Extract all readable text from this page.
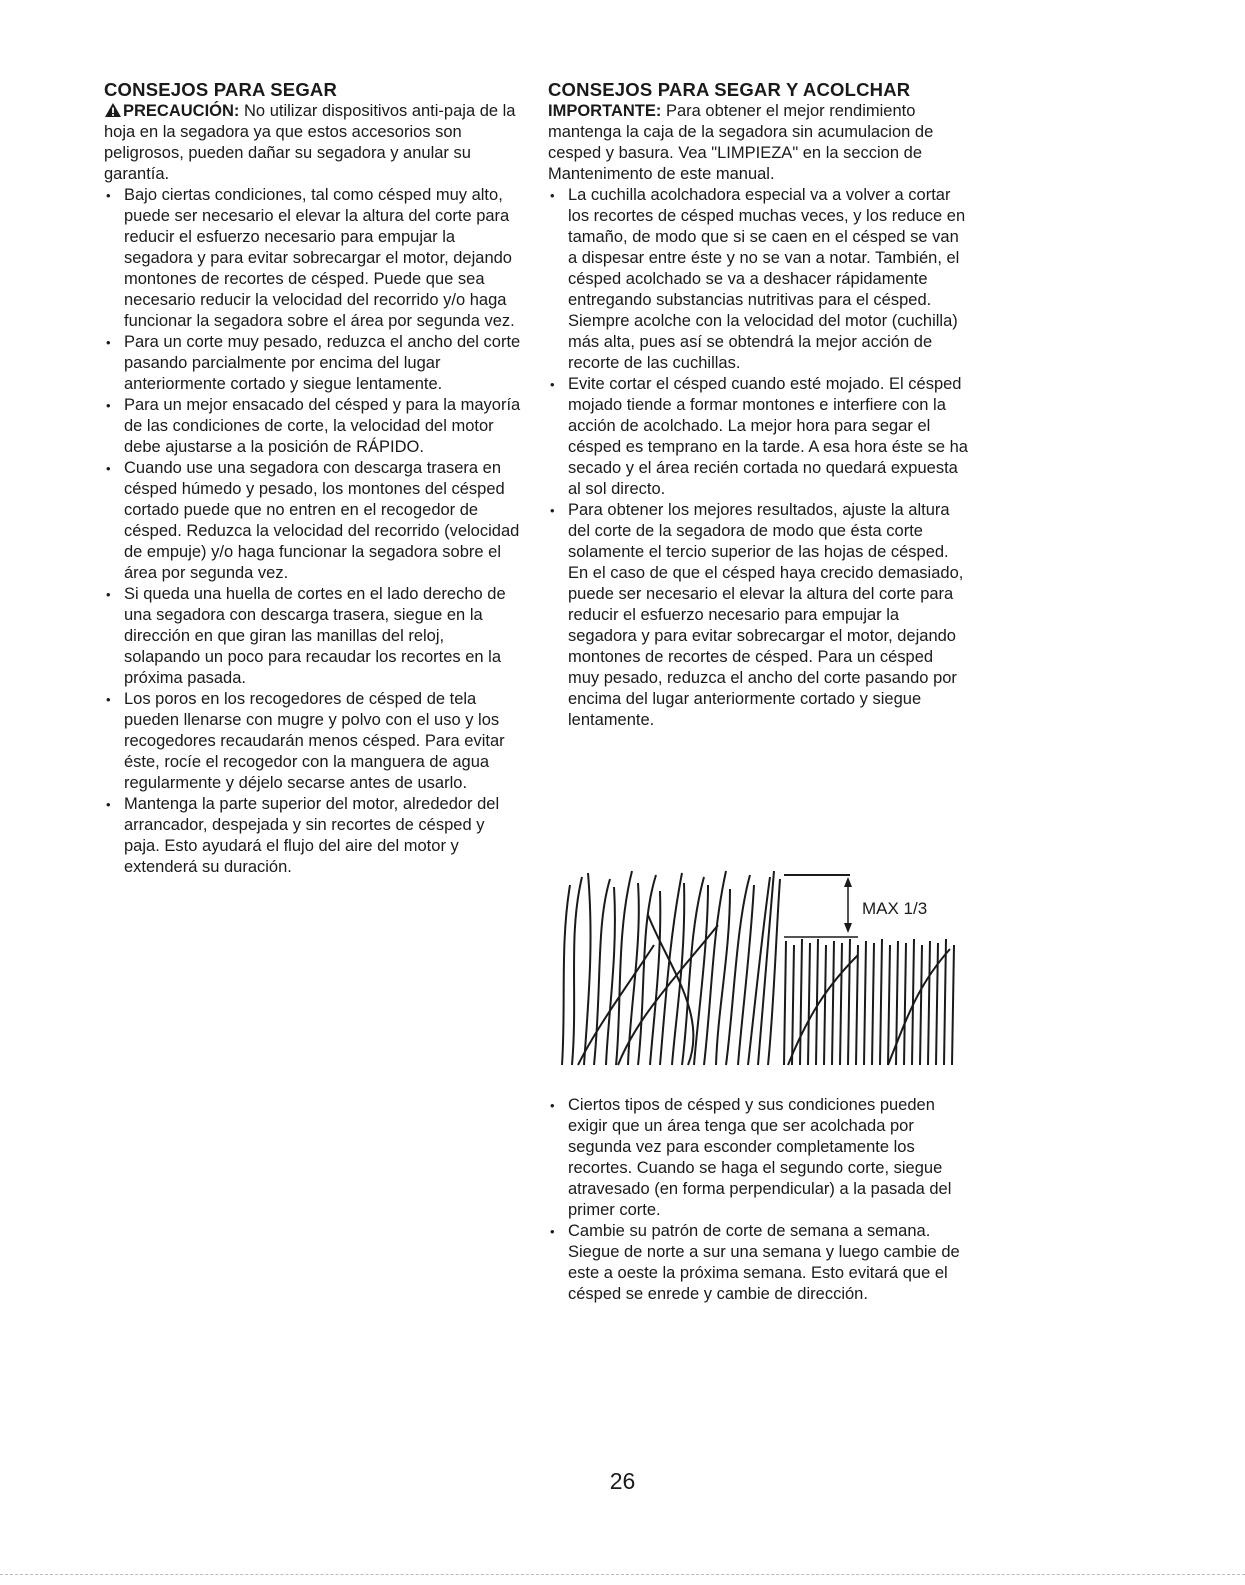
CONSEJOS PARA SEGAR

PRECAUCIÓN: No utilizar dispositivos anti-paja de la hoja en la segadora ya que estos accesorios son peligrosos, pueden dañar su segadora y anular su garantía.

• Bajo ciertas condiciones, tal como césped muy alto, puede ser necesario el elevar la altura del corte para reducir el esfuerzo necesario para empujar la segadora y para evitar sobrecargar el motor, dejando montones de recortes de césped. Puede que sea necesario reducir la velocidad del recorrido y/o haga funcionar la segadora sobre el área por segunda vez.
• Para un corte muy pesado, reduzca el ancho del corte pasando parcialmente por encima del lugar anteriormente cortado y siegue lentamente.
• Para un mejor ensacado del césped y para la mayoría de las condiciones de corte, la velocidad del motor debe ajustarse a la posición de RÁPIDO.
• Cuando use una segadora con descarga trasera en césped húmedo y pesado, los montones del césped cortado puede que no entren en el recogedor de césped. Reduzca la velocidad del recorrido (velocidad de empuje) y/o haga funcionar la segadora sobre el área por segunda vez.
• Si queda una huella de cortes en el lado derecho de una segadora con descarga trasera, siegue en la dirección en que giran las manillas del reloj, solapando un poco para recaudar los recortes en la próxima pasada.
• Los poros en los recogedores de césped de tela pueden llenarse con mugre y polvo con el uso y los recogedores recaudarán menos césped. Para evitar éste, rocíe el recogedor con la manguera de agua regularmente y déjelo secarse antes de usarlo.
• Mantenga la parte superior del motor, alrededor del arrancador, despejada y sin recortes de césped y paja. Esto ayudará el flujo del aire del motor y extenderá su duración.
CONSEJOS PARA SEGAR Y ACOLCHAR

IMPORTANTE: Para obtener el mejor rendimiento mantenga la caja de la segadora sin acumulacion de cesped y basura. Vea "LIMPIEZA" en la seccion de Mantenimento de este manual.

• La cuchilla acolchadora especial va a volver a cortar los recortes de césped muchas veces, y los reduce en tamaño, de modo que si se caen en el césped se van a dispesar entre éste y no se van a notar. También, el césped acolchado se va a deshacer rápidamente entregando substancias nutritivas para el césped. Siempre acolche con la velocidad del motor (cuchilla) más alta, pues así se obtendrá la mejor acción de recorte de las cuchillas.
• Evite cortar el césped cuando esté mojado. El césped mojado tiende a formar montones e interfiere con la acción de acolchado. La mejor hora para segar el césped es temprano en la tarde. A esa hora éste se ha secado y el área recién cortada no quedará expuesta al sol directo.
• Para obtener los mejores resultados, ajuste la altura del corte de la segadora de modo que ésta corte solamente el tercio superior de las hojas de césped. En el caso de que el césped haya crecido demasiado, puede ser necesario el elevar la altura del corte para reducir el esfuerzo necesario para empujar la segadora y para evitar sobrecargar el motor, dejando montones de recortes de césped. Para un césped muy pesado, reduzca el ancho del corte pasando por encima del lugar anteriormente cortado y siegue lentamente.
MAX 1/3
• Ciertos tipos de césped y sus condiciones pueden exigir que un área tenga que ser acolchada por segunda vez para esconder completamente los recortes. Cuando se haga el segundo corte, siegue atravesado (en forma perpendicular) a la pasada del primer corte.
• Cambie su patrón de corte de semana a semana. Siegue de norte a sur una semana y luego cambie de este a oeste la próxima semana. Esto evitará que el césped se enrede y cambie de dirección.
26
